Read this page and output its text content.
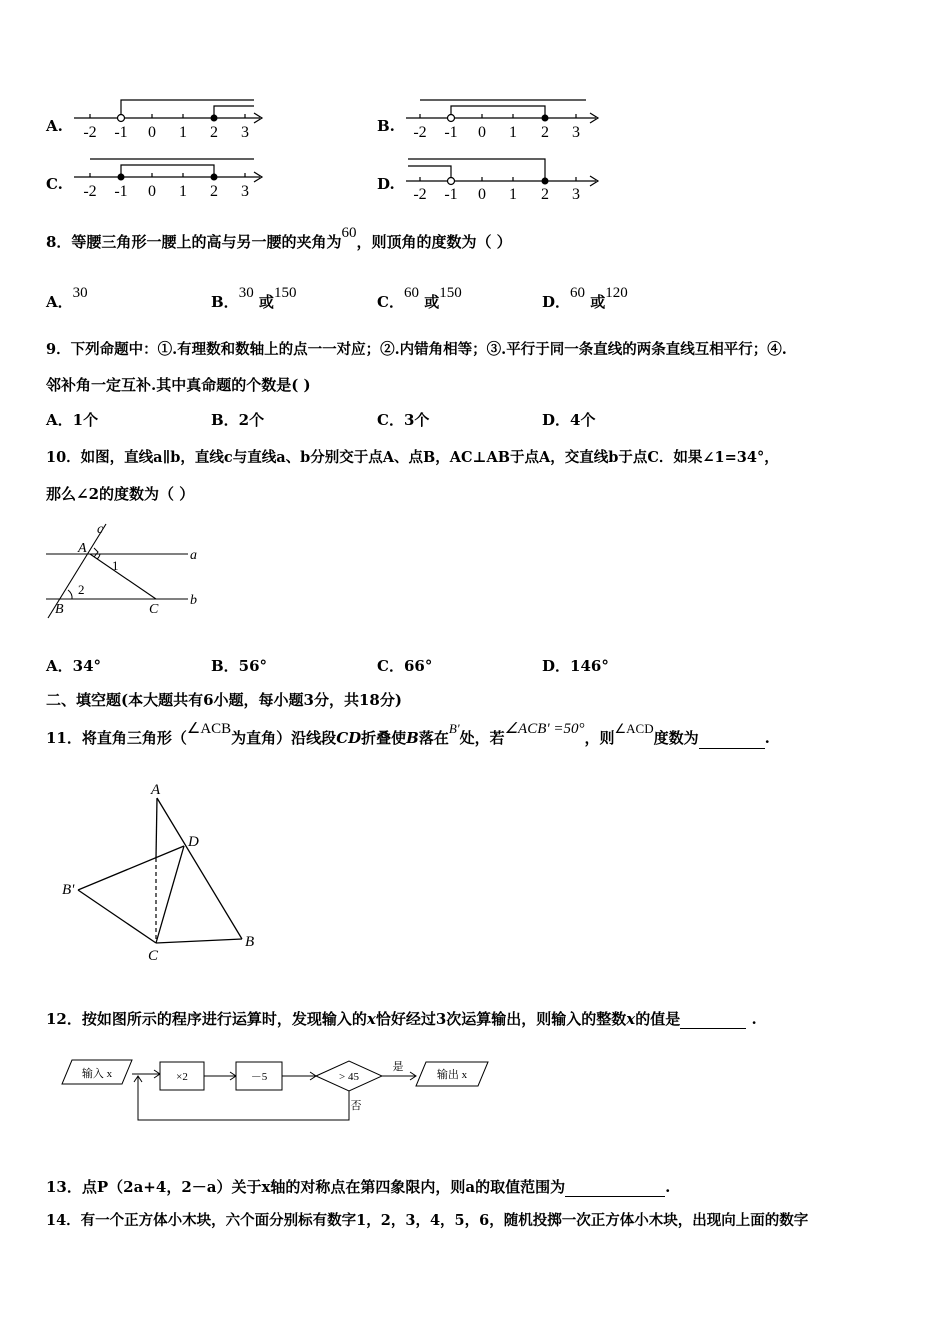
A. -2 -1 0 1 2 3	B. -2 -1 0 1 2 3
C. -2 -1 0 1 2 3	D.
-2 -1 0 1 2 3
8．等腰三角形一腰上的高与另一腰的夹角为60，则顶角的度数为（ ）
A．30	B．30 或150	C．60 或150	D．60 或120
9．下列命题中：①.有理数和数轴上的点一一对应；②.内错角相等；③.平行于同一条直线的两条直线互相平行；④.
邻补角一定互补.其中真命题的个数是( )
A．1个	B．2个	C．3个	D．4个
10．如图，直线a∥b，直线c与直线a、b分别交于点A、点B，AC⊥AB于点A，交直线b于点C．如果∠1=34°，
那么∠2的度数为（ ）
c
A	a
b
B	C
1
2
A．34°	B．56°	C．66°	D．146°
二、填空题(本大题共有6小题，每小题3分，共18分)
11．将直角三角形（∠ACB为直角）沿线段CD折叠使B落在B'处，若∠ACB' =50°，则∠ACD度数为	.
A
D
B'
C
B
12．按如图所示的程序进行运算时，发现输入的x恰好经过3次运算输出，则输入的整数x的值是	.
输入 x	×2	－5	> 45
是
否
输出 x
13．点P（2a+4，2－a）关于x轴的对称点在第四象限内，则a的取值范围为	.
14．有一个正方体小木块，六个面分别标有数字1，2，3，4，5，6，随机投掷一次正方体小木块，出现向上面的数字
